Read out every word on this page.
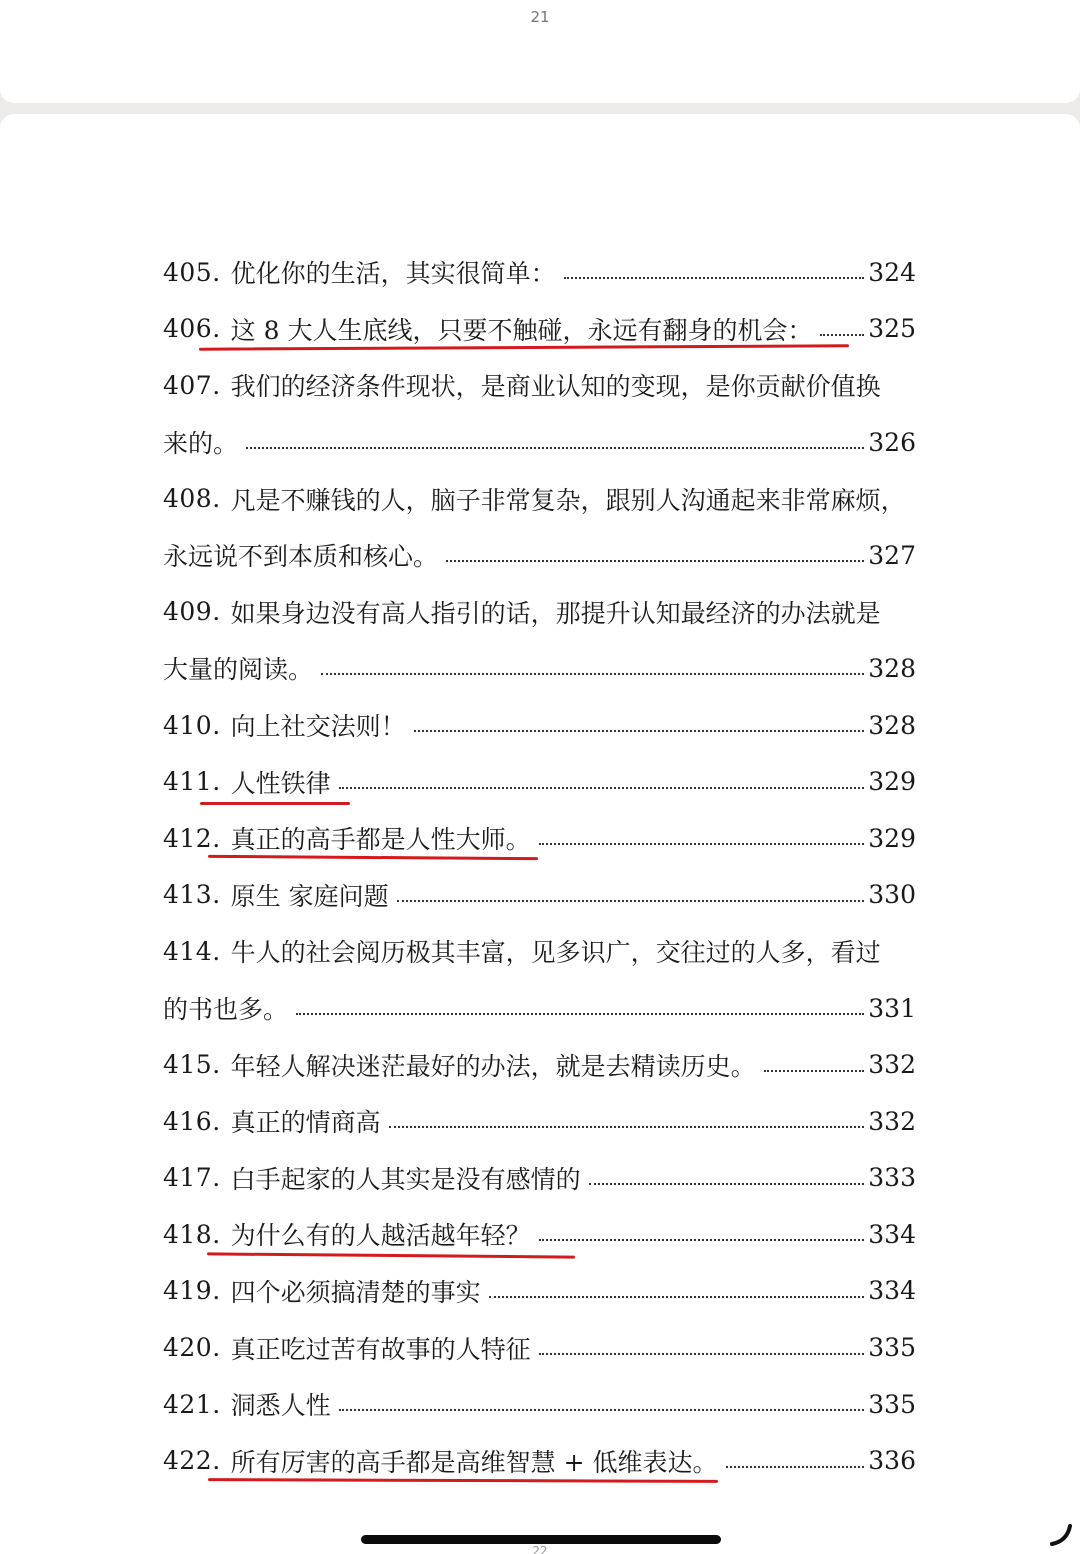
21
405. 优化你的生活，其实很简单：	324
406. 这 8 大人生底线，只要不触碰，永远有翻身的机会： 325
407. 我们的经济条件现状，是商业认知的变现，是你贡献价值换
来的。	326
408. 凡是不赚钱的人，脑子非常复杂，跟别人沟通起来非常麻烦，
永远说不到本质和核心。	327
409. 如果身边没有高人指引的话，那提升认知最经济的办法就是
大量的阅读。	328
410. 向上社交法则！	328
411. 人性铁律	329
412. 真正的高手都是人性大师。	329
413. 原生 家庭问题	330
414. 牛人的社会阅历极其丰富，见多识广，交往过的人多，看过
的书也多。	331
415. 年轻人解决迷茫最好的办法，就是去精读历史。	332
416. 真正的情商高	332
417. 白手起家的人其实是没有感情的	333
418. 为什么有的人越活越年轻？	334
419. 四个必须搞清楚的事实	334
420. 真正吃过苦有故事的人特征	335
421. 洞悉人性	335
422. 所有厉害的高手都是高维智慧 + 低维表达。	336
22
